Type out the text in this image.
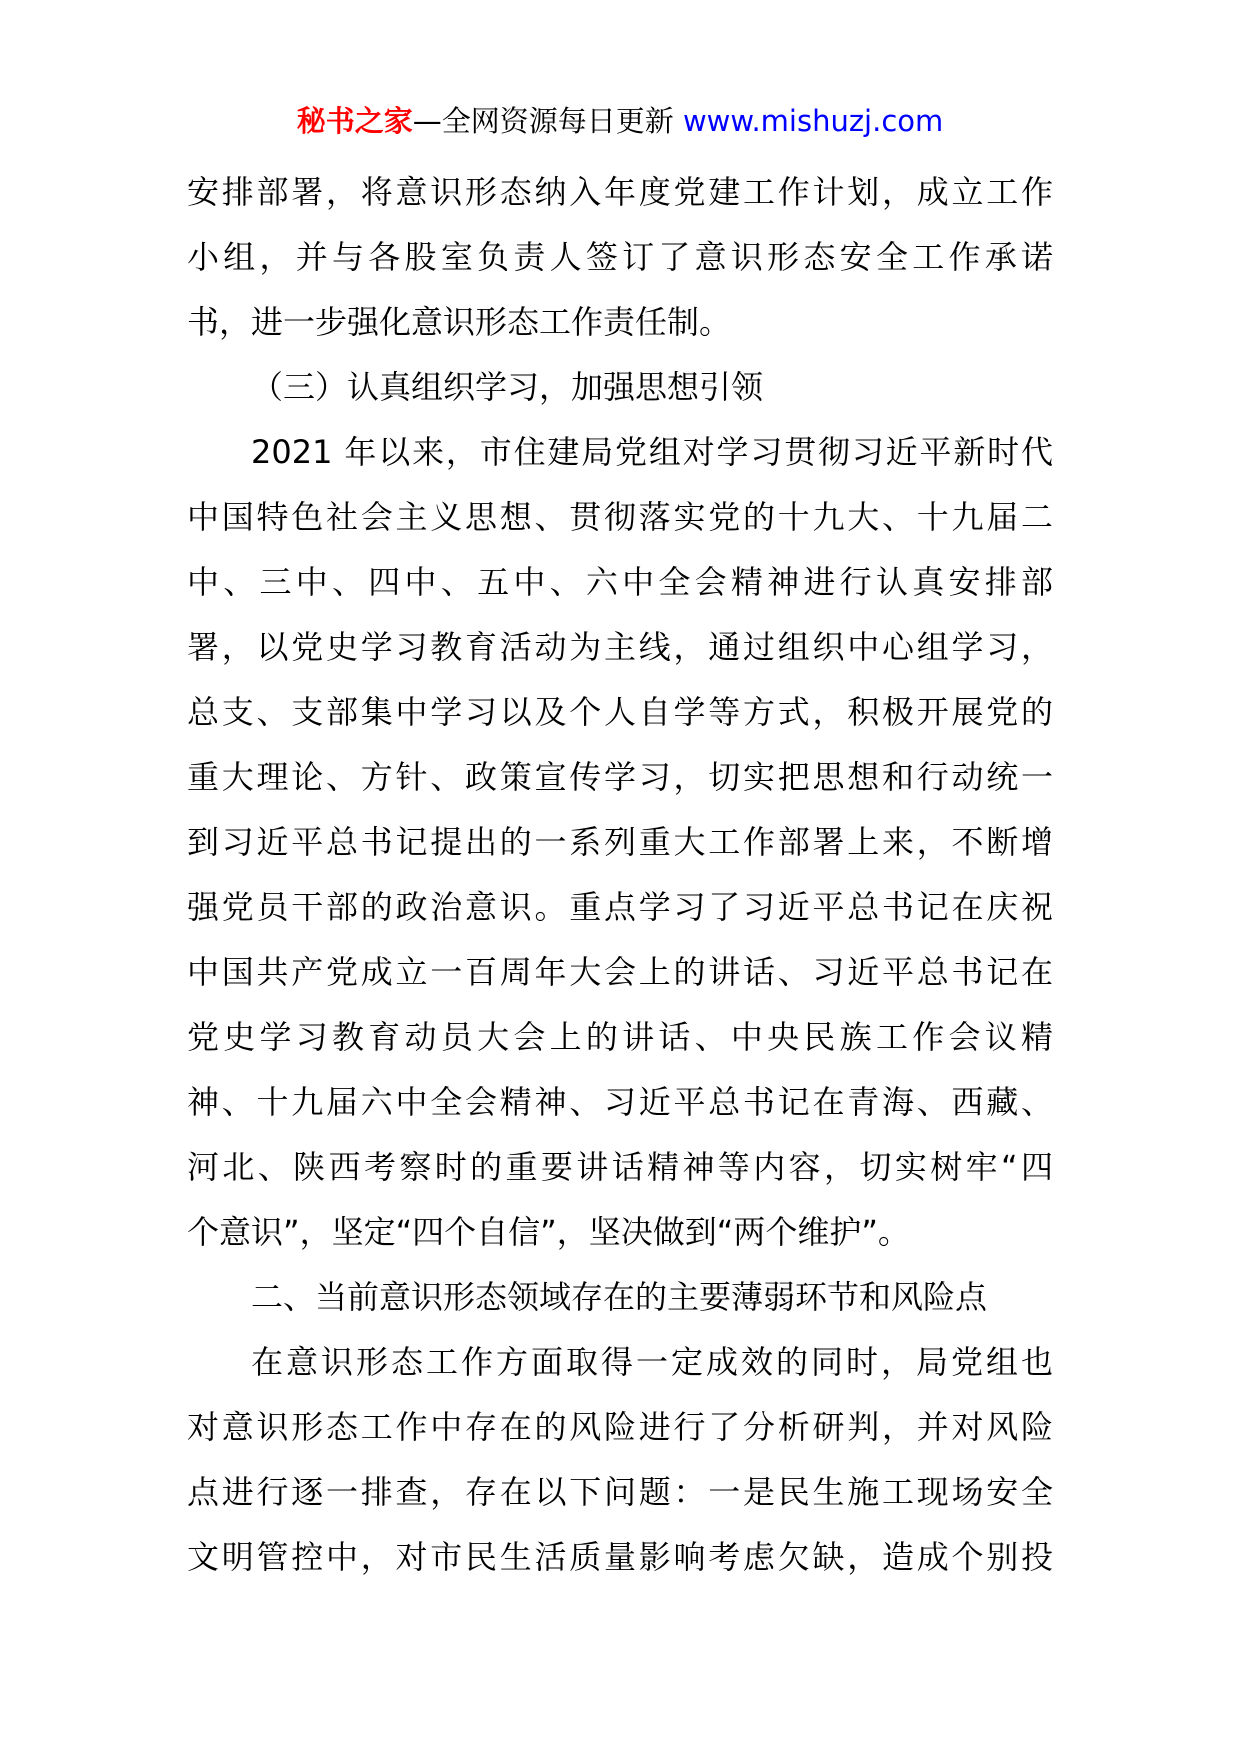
秘书之家—全网资源每日更新 www.mishuzj.com
安排部署，将意识形态纳入年度党建工作计划，成立工作
小组，并与各股室负责人签订了意识形态安全工作承诺
书，进一步强化意识形态工作责任制。
（三）认真组织学习，加强思想引领
2021 年以来，市住建局党组对学习贯彻习近平新时代
中国特色社会主义思想、贯彻落实党的十九大、十九届二
中、三中、四中、五中、六中全会精神进行认真安排部
署，以党史学习教育活动为主线，通过组织中心组学习，
总支、支部集中学习以及个人自学等方式，积极开展党的
重大理论、方针、政策宣传学习，切实把思想和行动统一
到习近平总书记提出的一系列重大工作部署上来，不断增
强党员干部的政治意识。重点学习了习近平总书记在庆祝
中国共产党成立一百周年大会上的讲话、习近平总书记在
党史学习教育动员大会上的讲话、中央民族工作会议精
神、十九届六中全会精神、习近平总书记在青海、西藏、
河北、陕西考察时的重要讲话精神等内容，切实树牢“四
个意识”，坚定“四个自信”，坚决做到“两个维护”。
二、当前意识形态领域存在的主要薄弱环节和风险点
在意识形态工作方面取得一定成效的同时，局党组也
对意识形态工作中存在的风险进行了分析研判，并对风险
点进行逐一排查，存在以下问题：一是民生施工现场安全
文明管控中，对市民生活质量影响考虑欠缺，造成个别投
